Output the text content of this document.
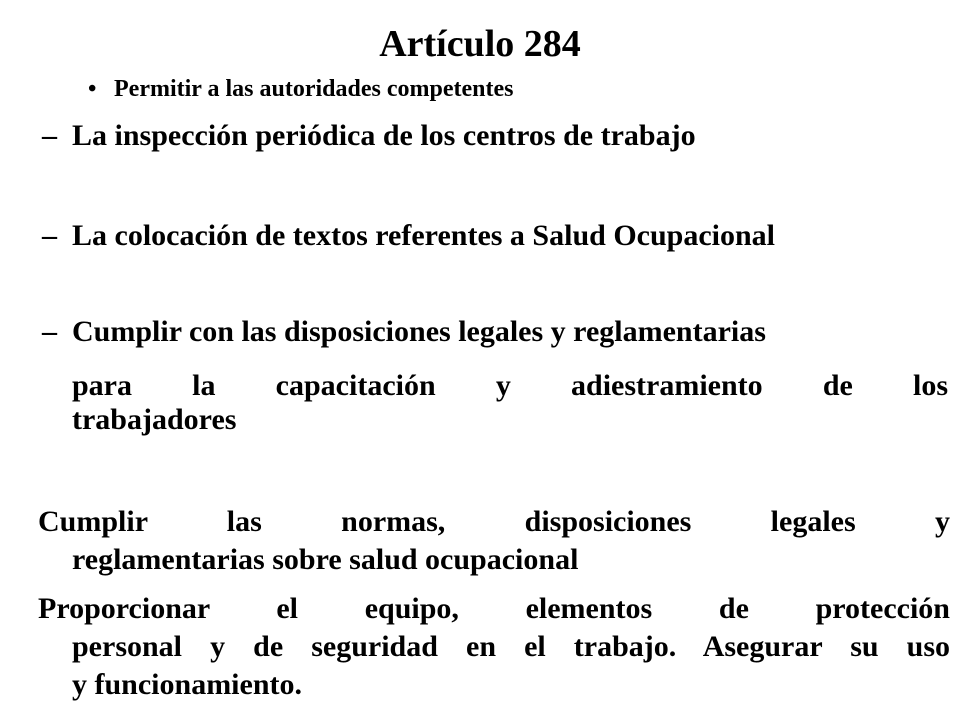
Artículo 284
• Permitir a las autoridades competentes
– La inspección periódica de los centros de trabajo
– La colocación de textos referentes a Salud Ocupacional
– Cumplir con las disposiciones legales y reglamentarias
para la capacitación y adiestramiento de los
trabajadores
Cumplir las normas, disposiciones legales y
reglamentarias sobre salud ocupacional
Proporcionar el equipo, elementos de protección
personal y de seguridad en el trabajo. Asegurar su uso
y funcionamiento.
